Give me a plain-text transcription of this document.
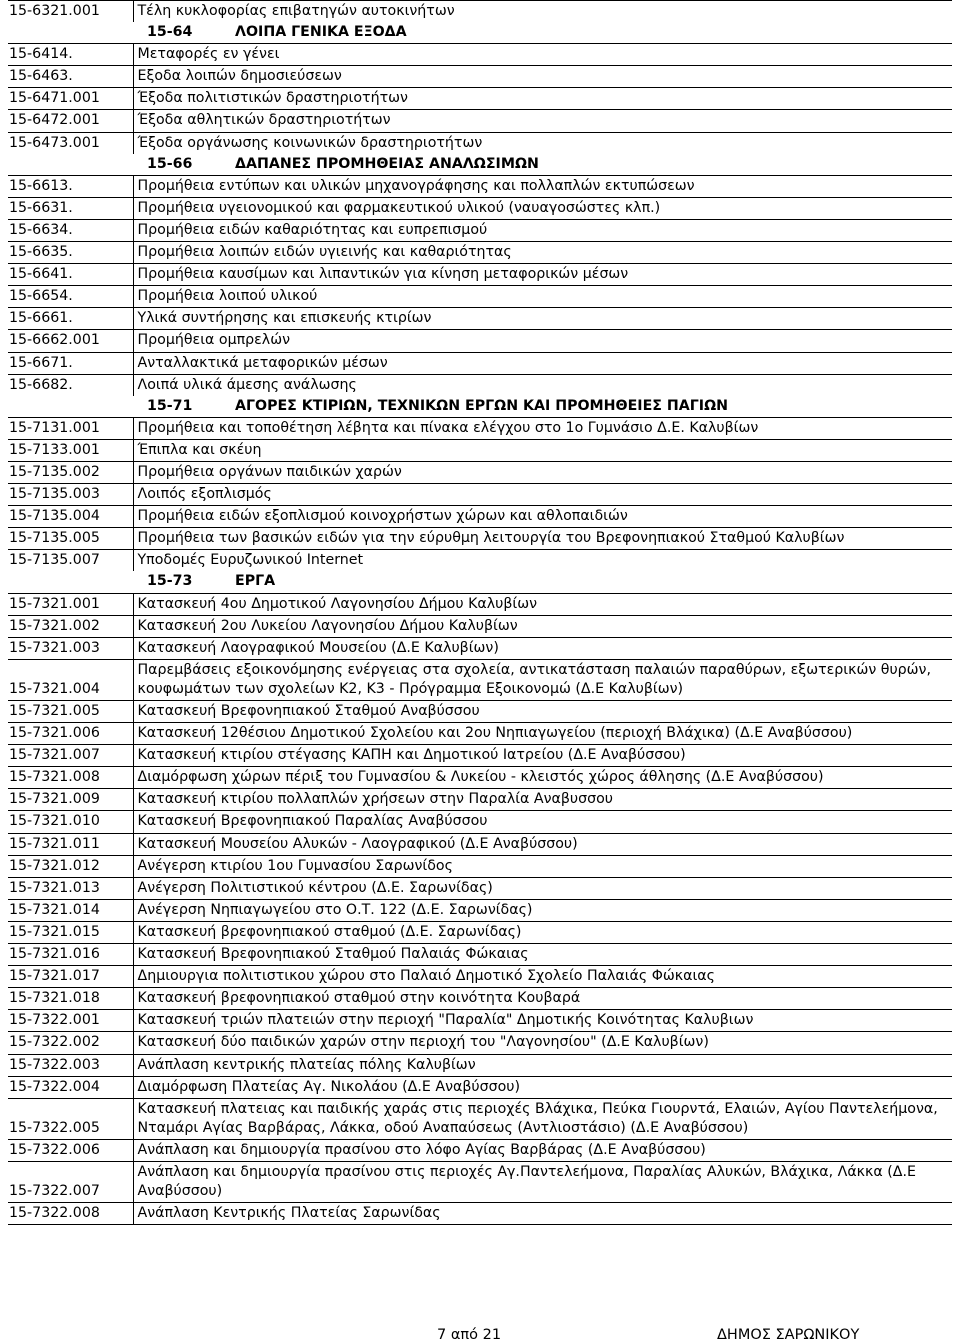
15-6321.001	Τέλη κυκλοφορίας επιβατηγών αυτοκινήτων
	15-64 ΛΟΙΠΑ ΓΕΝΙΚΑ ΕΞΟΔΑ
15-6414.	Μεταφορές εν γένει
15-6463.	Εξοδα λοιπών δημοσιεύσεων
15-6471.001	Έξοδα πολιτιστικών δραστηριοτήτων
15-6472.001	Έξοδα αθλητικών δραστηριοτήτων
15-6473.001	Έξοδα οργάνωσης κοινωνικών δραστηριοτήτων
	15-66 ΔΑΠΑΝΕΣ ΠΡΟΜΗΘΕΙΑΣ ΑΝΑΛΩΣΙΜΩΝ
15-6613.	Προμήθεια εντύπων και υλικών μηχανογράφησης και πολλαπλών εκτυπώσεων
15-6631.	Προμήθεια υγειονομικού και φαρμακευτικού υλικού (ναυαγοσώστες κλπ.)
15-6634.	Προμήθεια ειδών καθαριότητας και ευπρεπισμού
15-6635.	Προμήθεια λοιπών ειδών υγιεινής και καθαριότητας
15-6641.	Προμήθεια καυσίμων και λιπαντικών για κίνηση μεταφορικών μέσων
15-6654.	Προμήθεια λοιπού υλικού
15-6661.	Υλικά συντήρησης και επισκευής κτιρίων
15-6662.001	Προμήθεια ομπρελών
15-6671.	Ανταλλακτικά μεταφορικών μέσων
15-6682.	Λοιπά υλικά άμεσης ανάλωσης
	15-71 ΑΓΟΡΕΣ ΚΤΙΡΙΩΝ, ΤΕΧΝΙΚΩΝ ΕΡΓΩΝ ΚΑΙ ΠΡΟΜΗΘΕΙΕΣ ΠΑΓΙΩΝ
15-7131.001	Προμήθεια και τοποθέτηση λέβητα και πίνακα ελέγχου στο 1ο Γυμνάσιο Δ.Ε. Καλυβίων
15-7133.001	Έπιπλα και σκέυη
15-7135.002	Προμήθεια οργάνων παιδικών χαρών
15-7135.003	Λοιπός εξοπλισμός
15-7135.004	Προμήθεια ειδών εξοπλισμού κοινοχρήστων χώρων και αθλοπαιδιών
15-7135.005	Προμήθεια των βασικών ειδών για την εύρυθμη λειτουργία του Βρεφονηπιακού Σταθμού Καλυβίων
15-7135.007	Υποδομές Ευρυζωνικού Internet
	15-73 ΕΡΓΑ
15-7321.001	Κατασκευή 4ου Δημοτικού Λαγονησίου Δήμου Καλυβίων
15-7321.002	Κατασκευή 2ου Λυκείου Λαγονησίου Δήμου Καλυβίων
15-7321.003	Κατασκευή Λαογραφικού Μουσείου (Δ.Ε Καλυβίων)
15-7321.004	Παρεμβάσεις εξοικονόμησης ενέργειας στα σχολεία, αντικατάσταση παλαιών παραθύρων, εξωτερικών θυρών, κουφωμάτων των σχολείων Κ2, Κ3 - Πρόγραμμα Εξοικονομώ (Δ.Ε Καλυβίων)
15-7321.005	Κατασκευή Βρεφονηπιακού Σταθμού Αναβύσσου
15-7321.006	Κατασκευή 12θέσιου Δημοτικού Σχολείου και 2ου Νηπιαγωγείου (περιοχή Βλάχικα) (Δ.Ε Αναβύσσου)
15-7321.007	Κατασκευή κτιρίου στέγασης ΚΑΠΗ και Δημοτικού Ιατρείου (Δ.Ε Αναβύσσου)
15-7321.008	Διαμόρφωση χώρων πέριξ του Γυμνασίου & Λυκείου - κλειστός χώρος άθλησης (Δ.Ε Αναβύσσου)
15-7321.009	Κατασκευή κτιρίου πολλαπλών χρήσεων στην Παραλία Αναβυσσου
15-7321.010	Κατασκευή Βρεφονηπιακού Παραλίας Αναβύσσου
15-7321.011	Κατασκευή Μουσείου Αλυκών - Λαογραφικού (Δ.Ε Αναβύσσου)
15-7321.012	Ανέγερση κτιρίου 1ου Γυμνασίου Σαρωνίδος
15-7321.013	Ανέγερση Πολιτιστικού κέντρου (Δ.Ε. Σαρωνίδας)
15-7321.014	Ανέγερση Νηπιαγωγείου στο Ο.Τ. 122 (Δ.Ε. Σαρωνίδας)
15-7321.015	Κατασκευή βρεφονηπιακού σταθμού (Δ.Ε. Σαρωνίδας)
15-7321.016	Κατασκευή Βρεφονηπιακού Σταθμού Παλαιάς Φώκαιας
15-7321.017	Δημιουργια πολιτιστικου χώρου στο Παλαιό Δημοτικό Σχολείο Παλαιάς Φώκαιας
15-7321.018	Κατασκευή βρεφονηπιακού σταθμού στην κοινότητα Κουβαρά
15-7322.001	Κατασκευή τριών πλατειών στην περιοχή "Παραλία" Δημοτικής Κοινότητας Καλυβιων
15-7322.002	Κατασκευή δύο παιδικών χαρών στην περιοχή του "Λαγονησίου" (Δ.Ε Καλυβίων)
15-7322.003	Ανάπλαση κεντρικής πλατείας πόλης Καλυβίων
15-7322.004	Διαμόρφωση Πλατείας Αγ. Νικολάου (Δ.Ε Αναβύσσου)
15-7322.005	Κατασκευή πλατειας και παιδικής χαράς στις περιοχές Βλάχικα, Πεύκα Γιουρντά, Ελαιών, Αγίου Παντελεήμονα, Νταμάρι Αγίας Βαρβάρας, Λάκκα, οδού Αναπαύσεως (Αντλιοστάσιο) (Δ.Ε Αναβύσσου)
15-7322.006	Ανάπλαση και δημιουργία πρασίνου στο λόφο Αγίας Βαρβάρας (Δ.Ε Αναβύσσου)
15-7322.007	Ανάπλαση και δημιουργία πρασίνου στις περιοχές Αγ.Παντελεήμονα, Παραλίας Αλυκών, Βλάχικα, Λάκκα (Δ.Ε Αναβύσσου)
15-7322.008	Ανάπλαση Κεντρικής Πλατείας Σαρωνίδας
7 από 21	ΔΗΜΟΣ ΣΑΡΩΝΙΚΟΥ
